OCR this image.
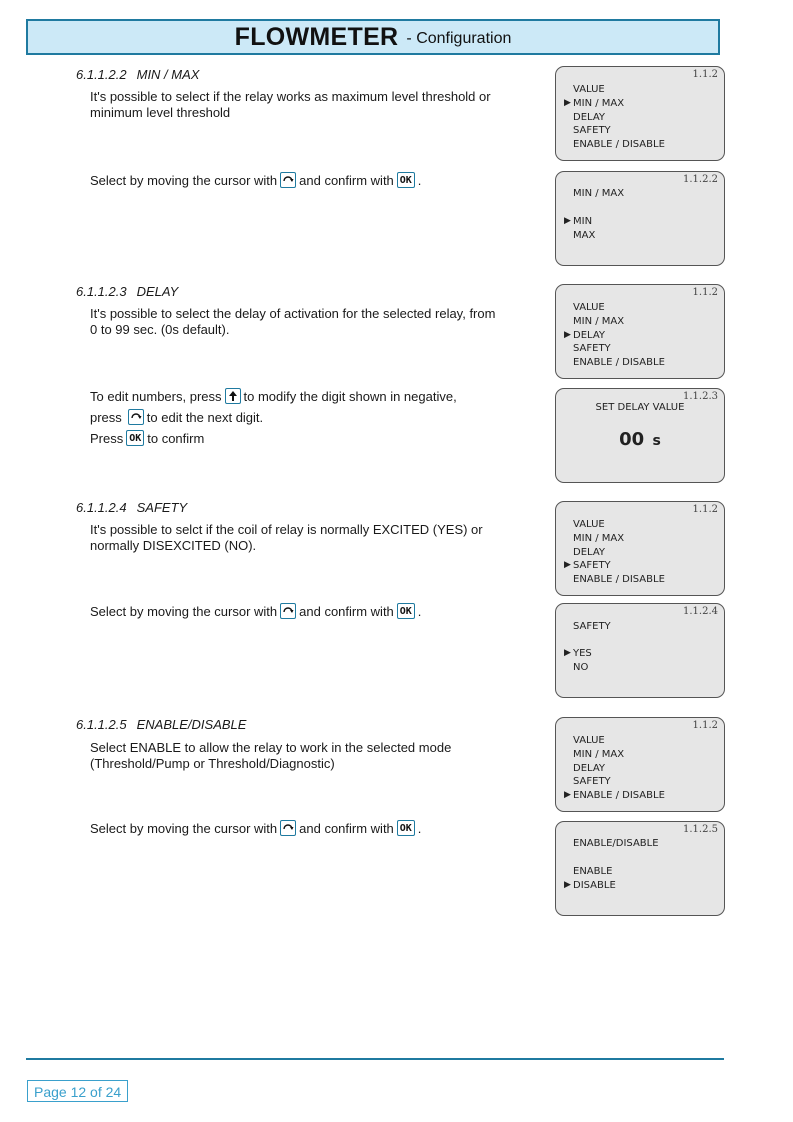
FLOWMETER - Configuration
6.1.1.2.2 MIN / MAX
It's possible to select if the relay works as maximum level threshold or minimum level threshold
Select by moving the cursor with and confirm with OK .
1.1.2
VALUE
▶ MIN / MAX
DELAY
SAFETY
ENABLE / DISABLE
1.1.2.2
MIN / MAX
▶ MIN
MAX
6.1.1.2.3 DELAY
It's possible to select the delay of activation for the selected relay, from 0 to 99 sec. (0s default).
To edit numbers, press to modify the digit shown in negative,
press to edit the next digit.
Press OK to confirm
1.1.2
VALUE
MIN / MAX
▶ DELAY
SAFETY
ENABLE / DISABLE
1.1.2.3
SET DELAY VALUE
00 s
6.1.1.2.4 SAFETY
It's possible to selct if the coil of relay is normally EXCITED (YES) or normally DISEXCITED (NO).
Select by moving the cursor with and confirm with OK .
1.1.2
VALUE
MIN / MAX
DELAY
▶ SAFETY
ENABLE / DISABLE
1.1.2.4
SAFETY
▶ YES
NO
6.1.1.2.5 ENABLE/DISABLE
Select ENABLE to allow the relay to work in the selected mode (Threshold/Pump or Threshold/Diagnostic)
Select by moving the cursor with and confirm with OK .
1.1.2
VALUE
MIN / MAX
DELAY
SAFETY
▶ ENABLE / DISABLE
1.1.2.5
ENABLE/DISABLE
ENABLE
▶ DISABLE
Page 12 of 24
